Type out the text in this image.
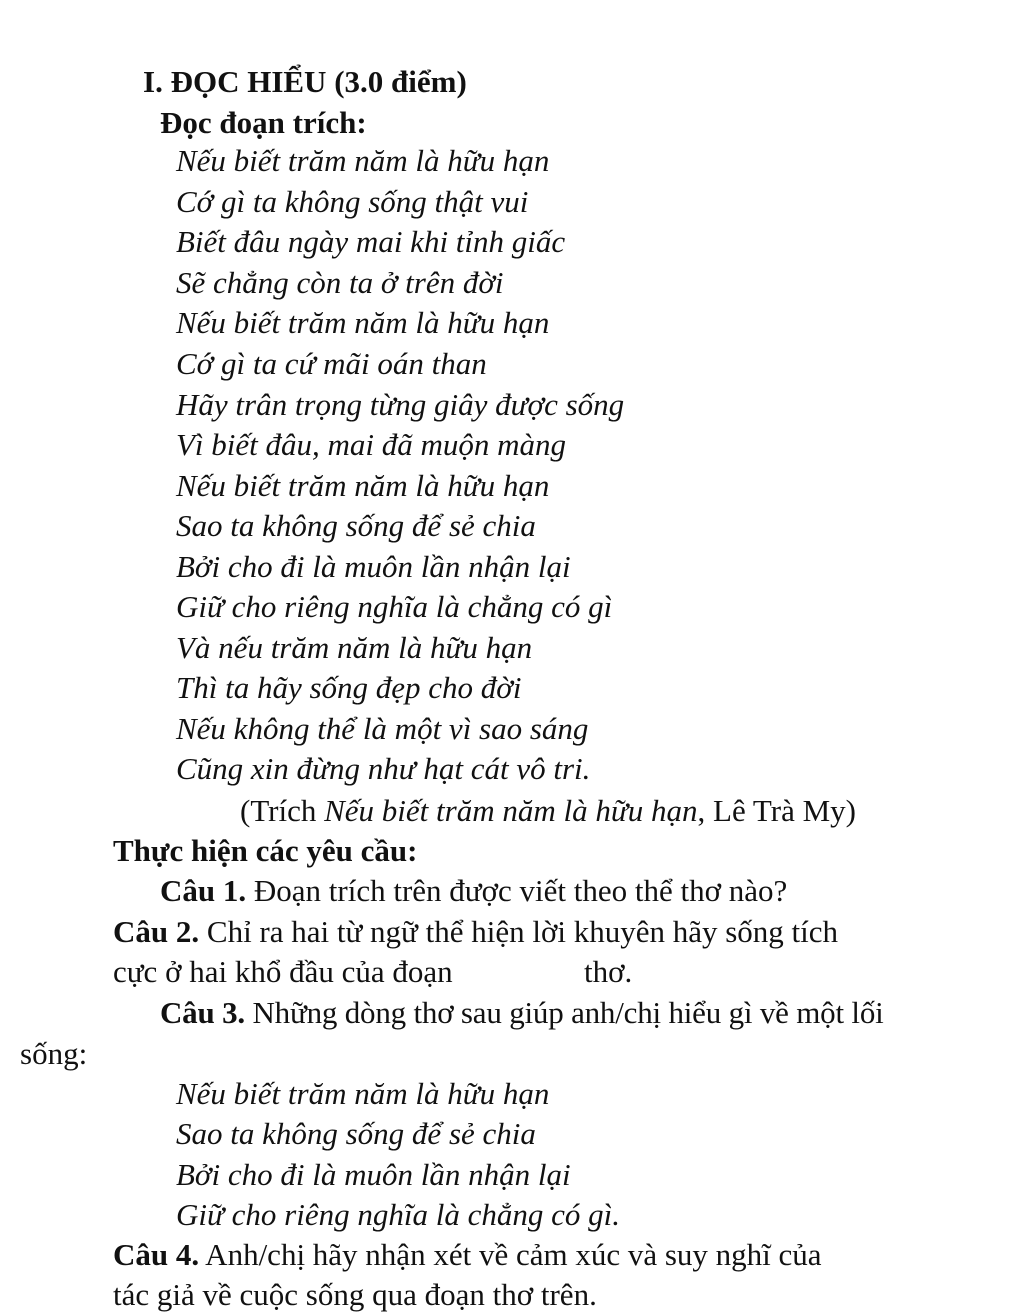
I. ĐỌC HIỂU (3.0 điểm)
Đọc đoạn trích:
Nếu biết trăm năm là hữu hạn
Cớ gì ta không sống thật vui
Biết đâu ngày mai khi tỉnh giấc
Sẽ chẳng còn ta ở trên đời
Nếu biết trăm năm là hữu hạn
Cớ gì ta cứ mãi oán than
Hãy trân trọng từng giây được sống
Vì biết đâu, mai đã muộn màng
Nếu biết trăm năm là hữu hạn
Sao ta không sống để sẻ chia
Bởi cho đi là muôn lần nhận lại
Giữ cho riêng nghĩa là chẳng có gì
Và nếu trăm năm là hữu hạn
Thì ta hãy sống đẹp cho đời
Nếu không thể là một vì sao sáng
Cũng xin đừng như hạt cát vô tri.
(Trích Nếu biết trăm năm là hữu hạn, Lê Trà My)
Thực hiện các yêu cầu:
Câu 1. Đoạn trích trên được viết theo thể thơ nào?
Câu 2. Chỉ ra hai từ ngữ thể hiện lời khuyên hãy sống tích
cực ở hai khổ đầu của đoạn	thơ.
Câu 3. Những dòng thơ sau giúp anh/chị hiểu gì về một lối
sống:
Nếu biết trăm năm là hữu hạn
Sao ta không sống để sẻ chia
Bởi cho đi là muôn lần nhận lại
Giữ cho riêng nghĩa là chẳng có gì.
Câu 4. Anh/chị hãy nhận xét về cảm xúc và suy nghĩ của
tác giả về cuộc sống qua đoạn thơ trên.
